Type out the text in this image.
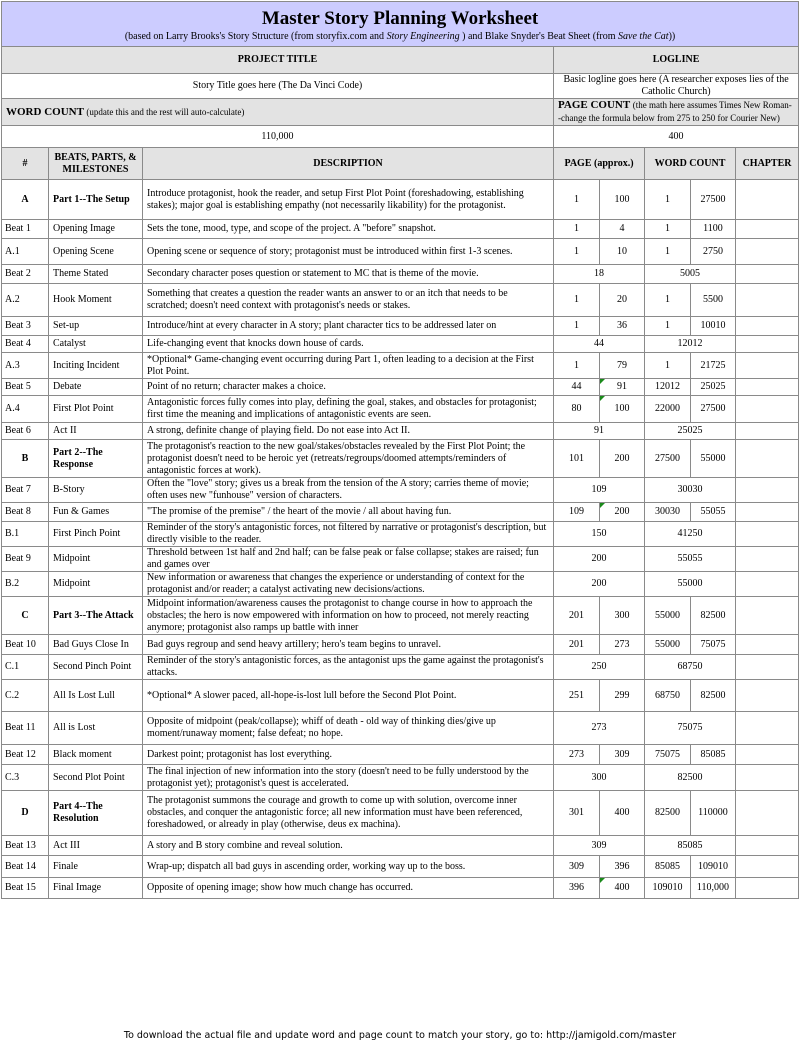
Master Story Planning Worksheet
(based on Larry Brooks's Story Structure (from storyfix.com and Story Engineering ) and Blake Snyder's Beat Sheet (from Save the Cat))							

PROJECT TITLE			LOGLINE				
Story Title goes here (The Da Vinci Code)			Basic logline goes here (A researcher exposes lies of the Catholic Church)				
WORD COUNT (update this and the rest will auto-calculate)			PAGE COUNT (the math here assumes Times New Roman--change the formula below from 275 to 250 for Courier New)				
110,000			400				
#	BEATS, PARTS, & MILESTONES	DESCRIPTION	PAGE (approx.)		WORD COUNT		CHAPTER
A	Part 1--The Setup	Introduce protagonist, hook the reader, and setup First Plot Point (foreshadowing, establishing stakes); major goal is establishing empathy (not necessarily likability) for the protagonist.	1	100	1	27500	
Beat 1	Opening Image	Sets the tone, mood, type, and scope of the project. A "before" snapshot.	1	4	1	1100	
A.1	Opening Scene	Opening scene or sequence of story; protagonist must be introduced within first 1-3 scenes.	1	10	1	2750	
Beat 2	Theme Stated	Secondary character poses question or statement to MC that is theme of the movie.	18		5005		
A.2	Hook Moment	Something that creates a question the reader wants an answer to or an itch that needs to be scratched; doesn't need context with protagonist's needs or stakes.	1	20	1	5500	
Beat 3	Set-up	Introduce/hint at every character in A story; plant character tics to be addressed later on	1	36	1	10010	
Beat 4	Catalyst	Life-changing event that knocks down house of cards.	44		12012		
A.3	Inciting Incident	*Optional* Game-changing event occurring during Part 1, often leading to a decision at the First Plot Point.	1	79	1	21725	
Beat 5	Debate	Point of no return; character makes a choice.	44	91	12012	25025	
A.4	First Plot Point	Antagonistic forces fully comes into play, defining the goal, stakes, and obstacles for protagonist; first time the meaning and implications of antagonistic events are seen.	80	100	22000	27500	
Beat 6	Act II	A strong, definite change of playing field. Do not ease into Act II.	91		25025		
B	Part 2--The Response	The protagonist's reaction to the new goal/stakes/obstacles revealed by the First Plot Point; the protagonist doesn't need to be heroic yet (retreats/regroups/doomed attempts/reminders of antagonistic forces at work).	101	200	27500	55000	
Beat 7	B-Story	Often the "love" story; gives us a break from the tension of the A story; carries theme of movie; often uses new "funhouse" version of characters.	109		30030		
Beat 8	Fun & Games	"The promise of the premise" / the heart of the movie / all about having fun.	109	200	30030	55055	
B.1	First Pinch Point	Reminder of the story's antagonistic forces, not filtered by narrative or protagonist's description, but directly visible to the reader.	150		41250		
Beat 9	Midpoint	Threshold between 1st half and 2nd half; can be false peak or false collapse; stakes are raised; fun and games over	200		55055		
B.2	Midpoint	New information or awareness that changes the experience or understanding of context for the protagonist and/or reader; a catalyst activating new decisions/actions.	200		55000		
C	Part 3--The Attack	Midpoint information/awareness causes the protagonist to change course in how to approach the obstacles; the hero is now empowered with information on how to proceed, not merely reacting anymore; protagonist also ramps up battle with inner	201	300	55000	82500	
Beat 10	Bad Guys Close In	Bad guys regroup and send heavy artillery; hero's team begins to unravel.	201	273	55000	75075	
C.1	Second Pinch Point	Reminder of the story's antagonistic forces, as the antagonist ups the game against the protagonist's attacks.	250		68750		
C.2	All Is Lost Lull	*Optional* A slower paced, all-hope-is-lost lull before the Second Plot Point.	251	299	68750	82500	
Beat 11	All is Lost	Opposite of midpoint (peak/collapse); whiff of death - old way of thinking dies/give up moment/runaway moment; false defeat; no hope.	273		75075		
Beat 12	Black moment	Darkest point; protagonist has lost everything.	273	309	75075	85085	
C.3	Second Plot Point	The final injection of new information into the story (doesn't need to be fully understood by the protagonist yet); protagonist's quest is accelerated.	300		82500		
D	Part 4--The Resolution	The protagonist summons the courage and growth to come up with solution, overcome inner obstacles, and conquer the antagonistic force; all new information must have been referenced, foreshadowed, or already in play (otherwise, deus ex machina).	301	400	82500	110000	
Beat 13	Act III	A story and B story combine and reveal solution.	309		85085		
Beat 14	Finale	Wrap-up; dispatch all bad guys in ascending order, working way up to the boss.	309	396	85085	109010	
Beat 15	Final Image	Opposite of opening image; show how much change has occurred.	396	400	109010	110,000	
To download the actual file and update word and page count to match your story, go to: http://jamigold.com/master
